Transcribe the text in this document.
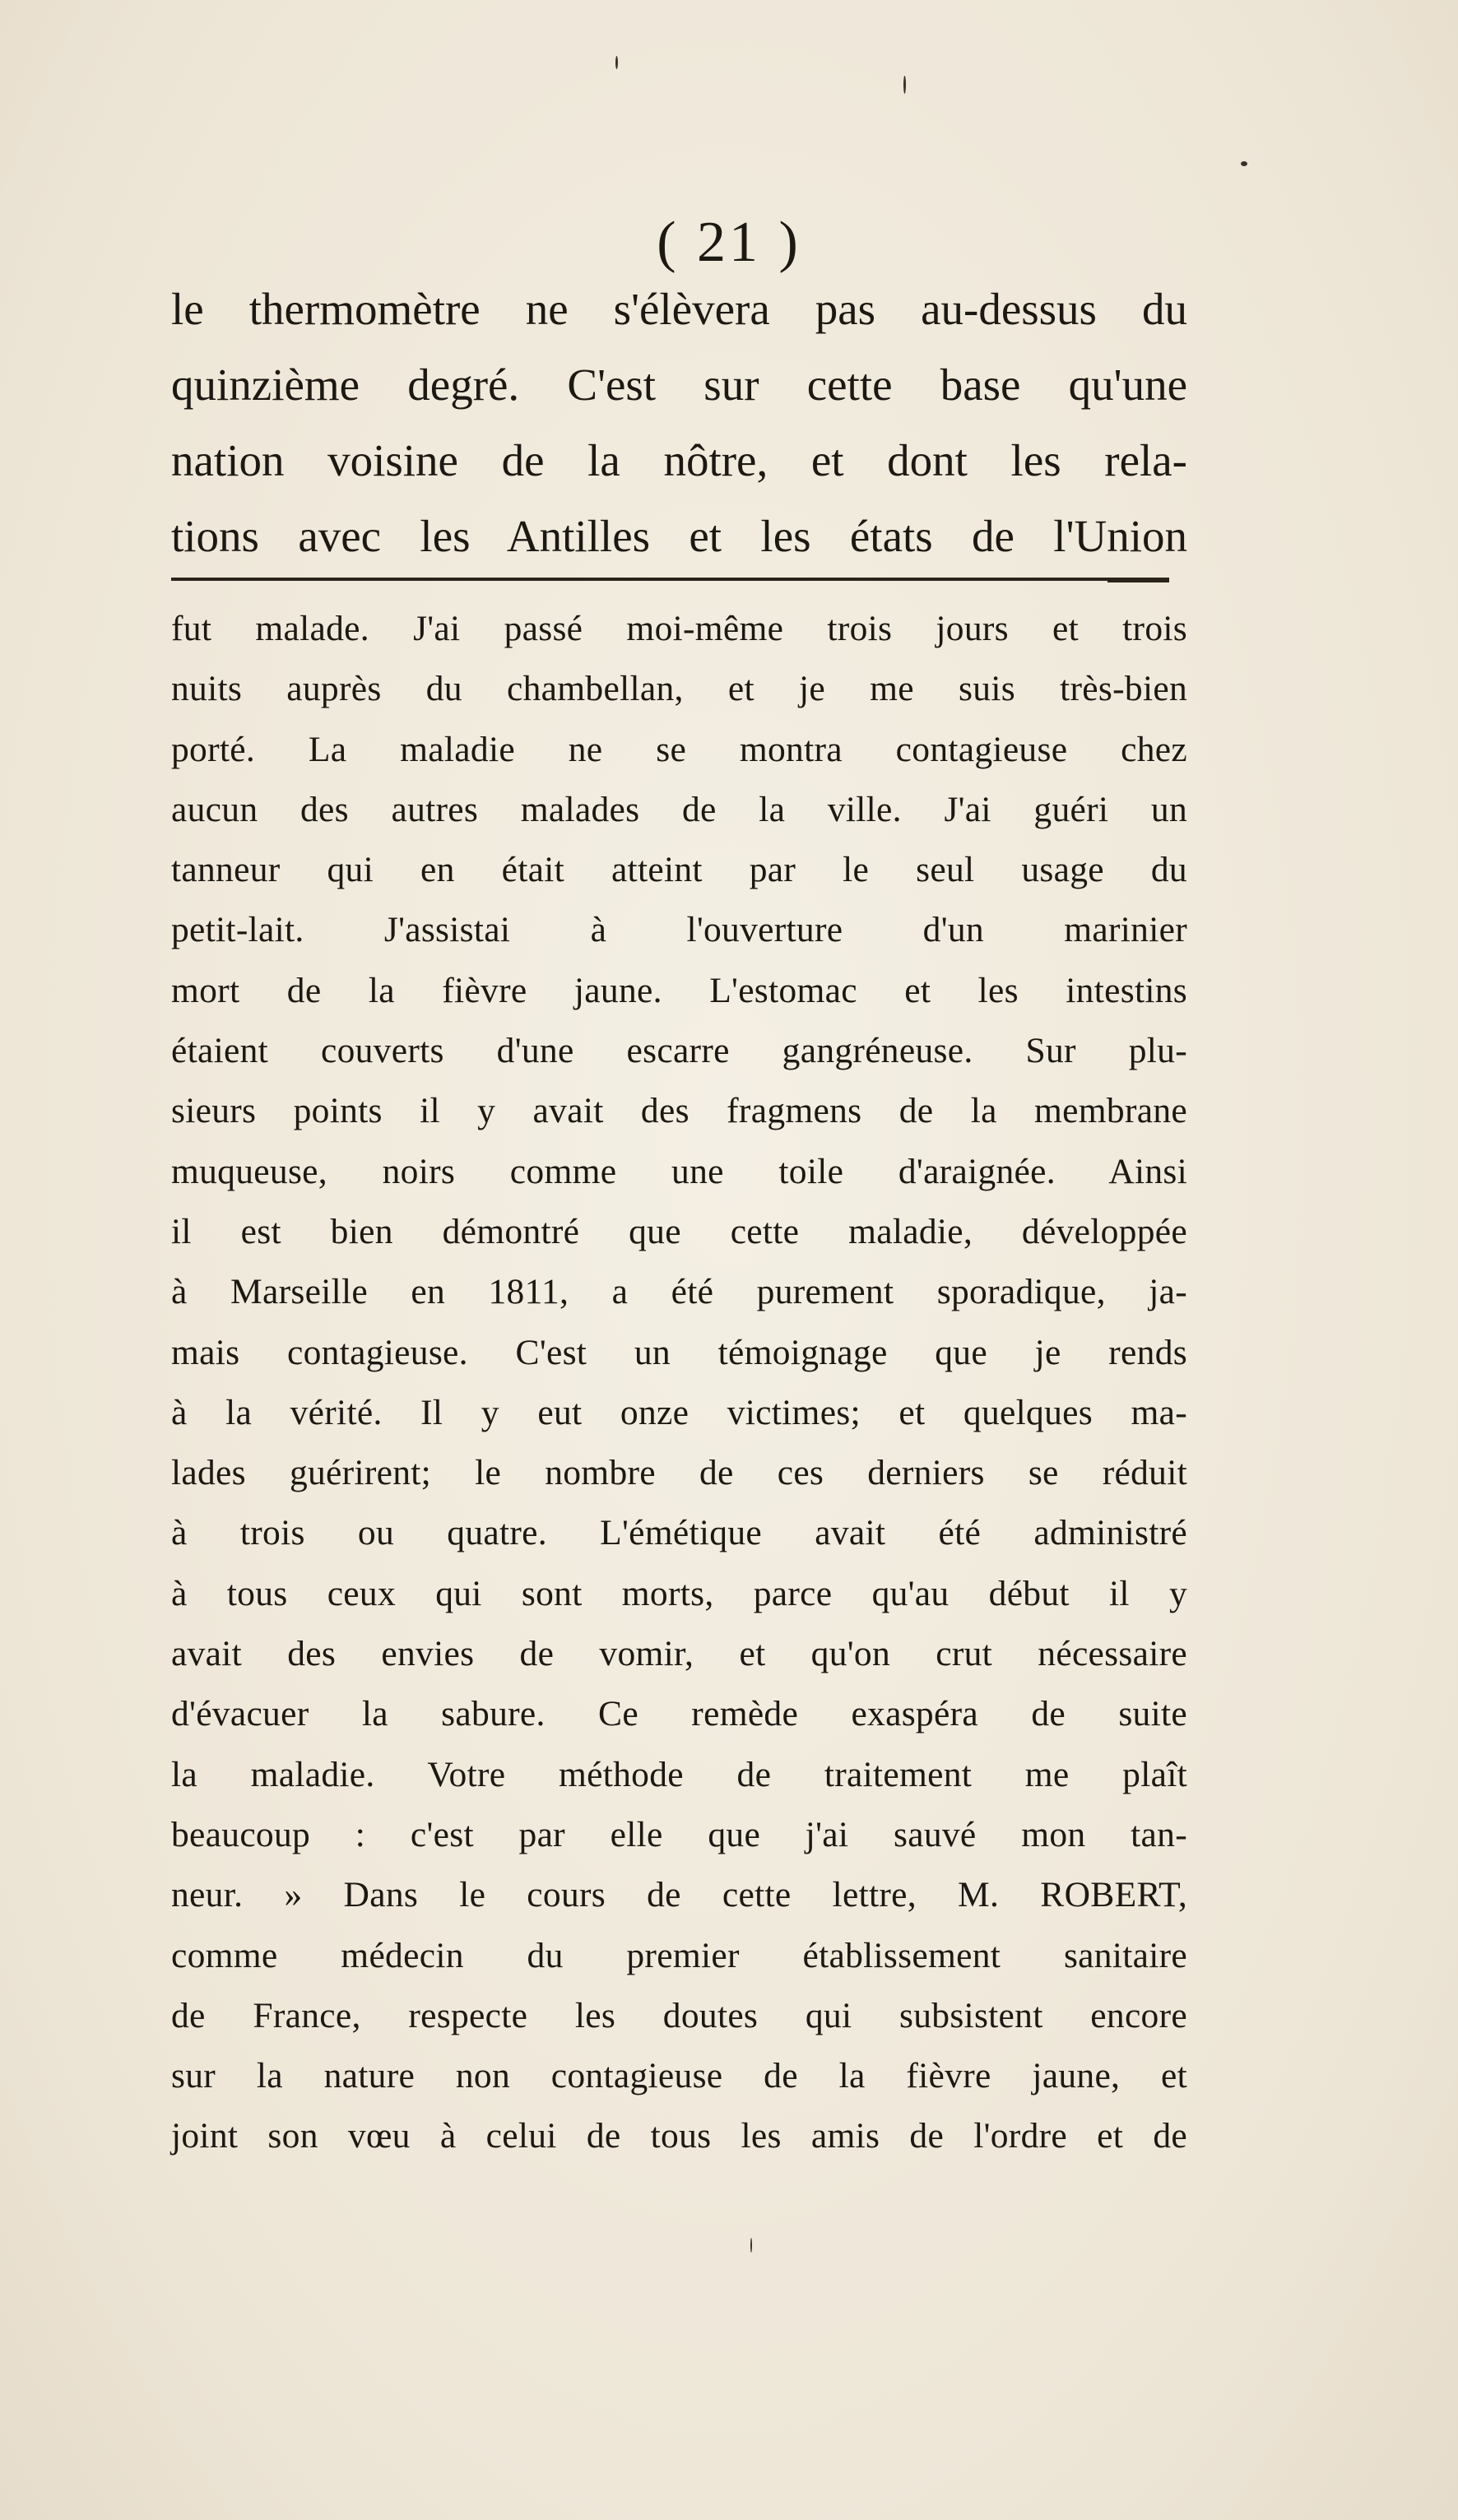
( 21 )
le thermomètre ne s'élèvera pas au-dessus du
quinzième degré. C'est sur cette base qu'une
nation voisine de la nôtre, et dont les rela-
tions avec les Antilles et les états de l'Union
fut malade. J'ai passé moi-même trois jours et trois
nuits auprès du chambellan, et je me suis très-bien
porté. La maladie ne se montra contagieuse chez
aucun des autres malades de la ville. J'ai guéri un
tanneur qui en était atteint par le seul usage du
petit-lait. J'assistai à l'ouverture d'un marinier
mort de la fièvre jaune. L'estomac et les intestins
étaient couverts d'une escarre gangréneuse. Sur plu-
sieurs points il y avait des fragmens de la membrane
muqueuse, noirs comme une toile d'araignée. Ainsi
il est bien démontré que cette maladie, développée
à Marseille en 1811, a été purement sporadique, ja-
mais contagieuse. C'est un témoignage que je rends
à la vérité. Il y eut onze victimes; et quelques ma-
lades guérirent; le nombre de ces derniers se réduit
à trois ou quatre. L'émétique avait été administré
à tous ceux qui sont morts, parce qu'au début il y
avait des envies de vomir, et qu'on crut nécessaire
d'évacuer la sabure. Ce remède exaspéra de suite
la maladie. Votre méthode de traitement me plaît
beaucoup : c'est par elle que j'ai sauvé mon tan-
neur. » Dans le cours de cette lettre, M. ROBERT,
comme médecin du premier établissement sanitaire
de France, respecte les doutes qui subsistent encore
sur la nature non contagieuse de la fièvre jaune, et
joint son vœu à celui de tous les amis de l'ordre et de
